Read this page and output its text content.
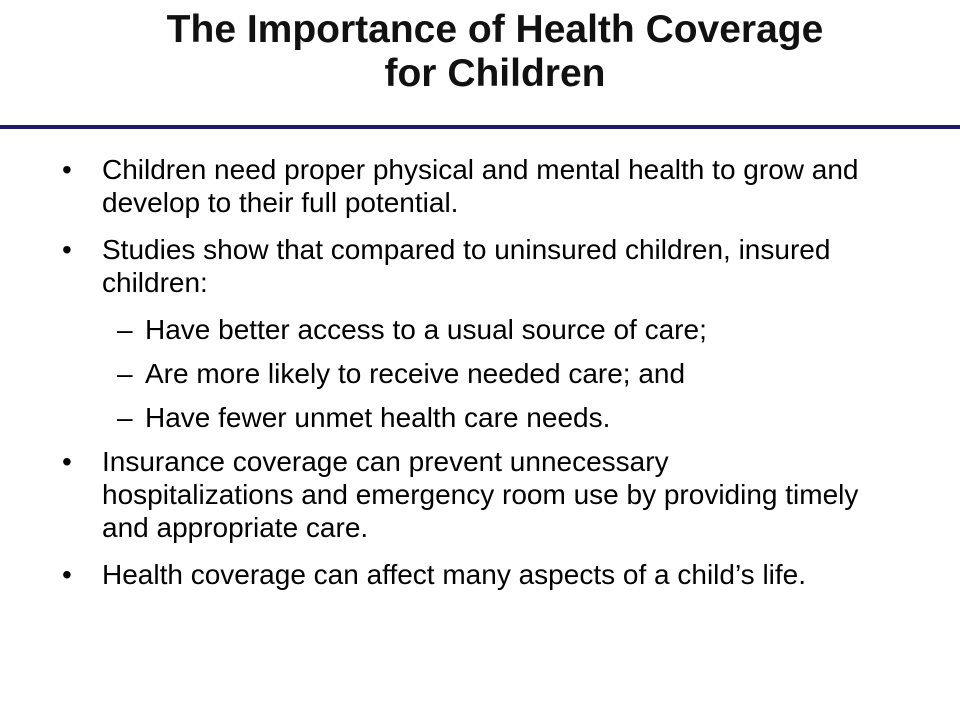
The Importance of Health Coverage
for Children
• Children need proper physical and mental health to grow and develop to their full potential.
• Studies show that compared to uninsured children, insured children:
– Have better access to a usual source of care;
– Are more likely to receive needed care; and
– Have fewer unmet health care needs.
• Insurance coverage can prevent unnecessary hospitalizations and emergency room use by providing timely and appropriate care.
• Health coverage can affect many aspects of a child’s life.
